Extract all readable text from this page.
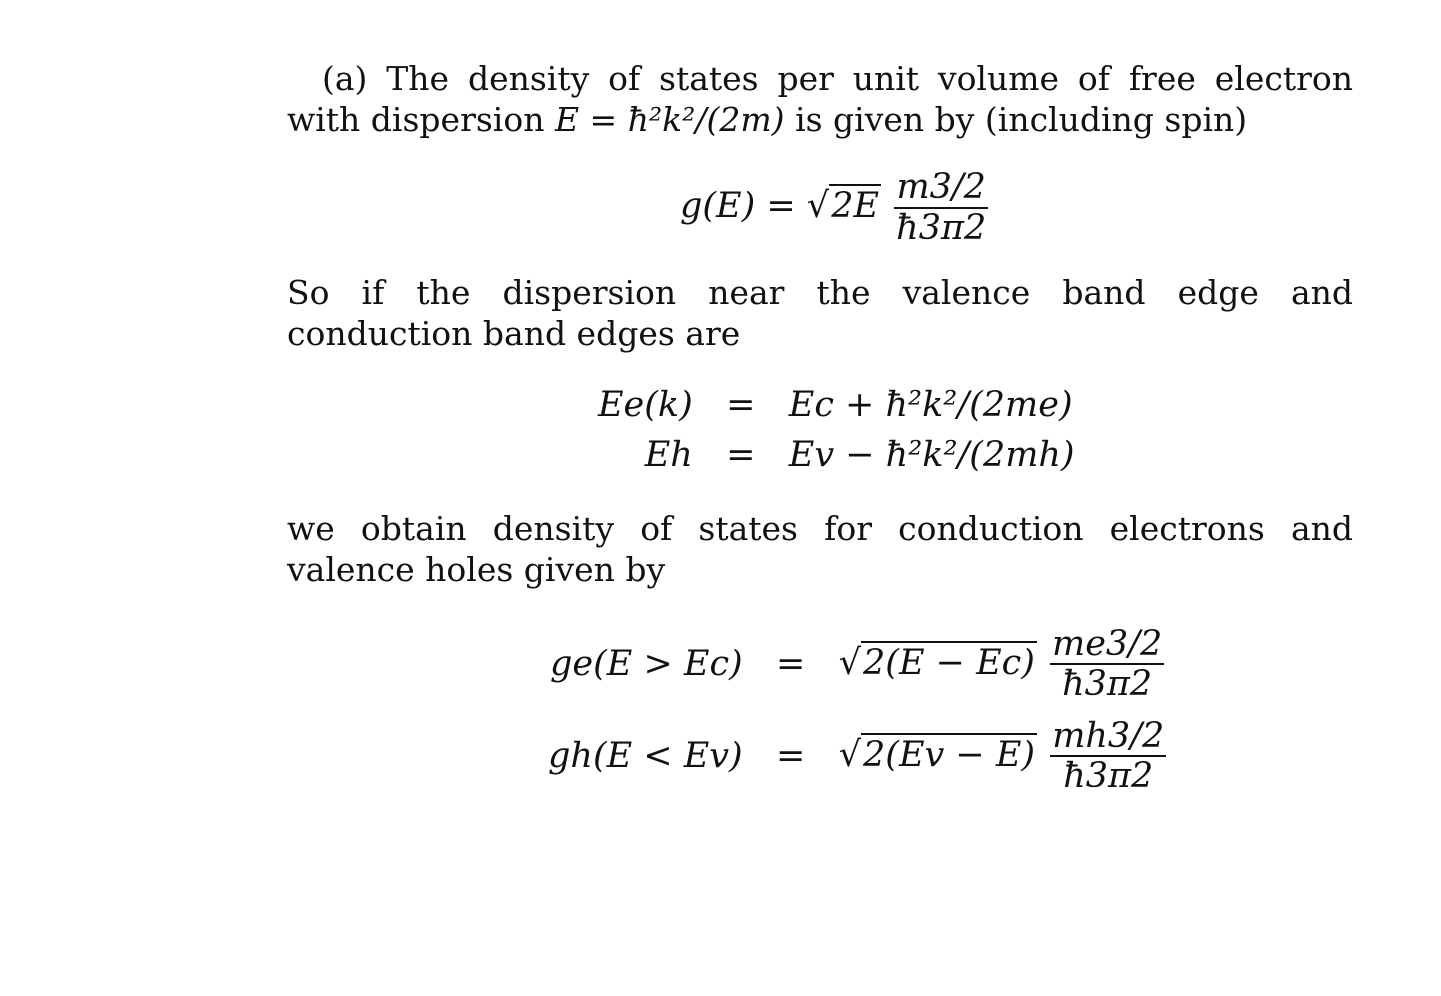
(a) The density of states per unit volume of free electron with dispersion E = ħ²k²/(2m) is given by (including spin)

$g(E) = √2E \frac{m3/2}{ħ3\pi 2}$

So if the dispersion near the valence band edge and conduction band edges are

Ee(k)	=	Ec + ħ²k²/(2me)
Eh	=	Ev − ħ²k²/(2mh)

we obtain density of states for conduction electrons and valence holes given by

ge(E > Ec)	=	$√2(E - Ec) \frac{me3/2}{ħ3\pi 2}$

gh(E < Ev)	=	$√2(Ev - E) \frac{mh3/2}{ħ3\pi 2}$
